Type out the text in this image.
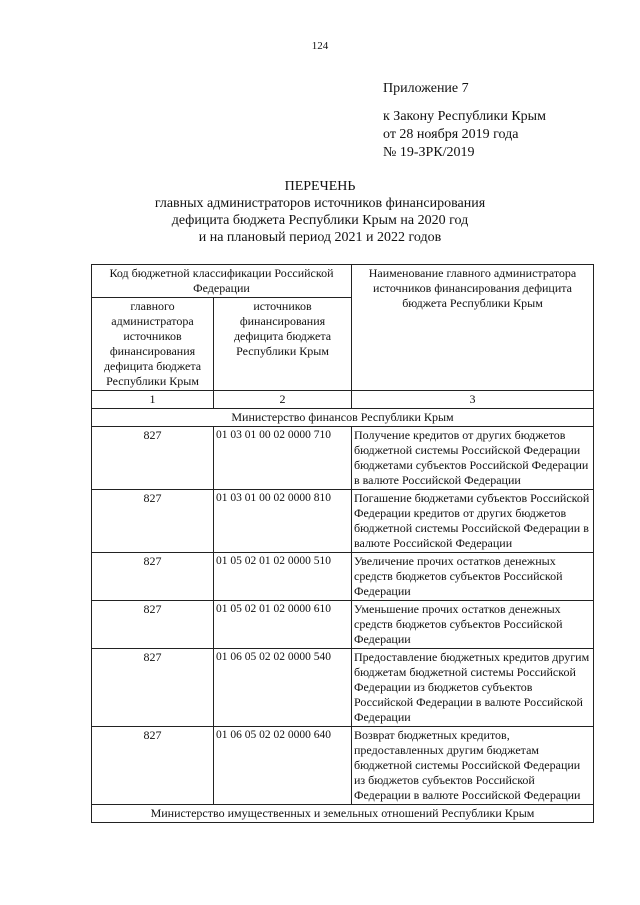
124
Приложение 7
к Закону Республики Крым
от 28 ноября 2019 года
№ 19-ЗРК/2019
ПЕРЕЧЕНЬ
главных администраторов источников финансирования
дефицита бюджета Республики Крым на 2020 год
и на плановый период 2021 и 2022 годов
Код бюджетной классификации Российской Федерации		Наименование главного администратора источников финансирования дефицита бюджета Республики Крым
главного администратора источников финансирования дефицита бюджета Республики Крым	источников финансирования дефицита бюджета Республики Крым	
1	2	3
Министерство финансов Республики Крым		
827	01 03 01 00 02 0000 710	Получение кредитов от других бюджетов бюджетной системы Российской Федерации бюджетами субъектов Российской Федерации в валюте Российской Федерации
827	01 03 01 00 02 0000 810	Погашение бюджетами субъектов Российской Федерации кредитов от других бюджетов бюджетной системы Российской Федерации в валюте Российской Федерации
827	01 05 02 01 02 0000 510	Увеличение прочих остатков денежных средств бюджетов субъектов Российской Федерации
827	01 05 02 01 02 0000 610	Уменьшение прочих остатков денежных средств бюджетов субъектов Российской Федерации
827	01 06 05 02 02 0000 540	Предоставление бюджетных кредитов другим бюджетам бюджетной системы Российской Федерации из бюджетов субъектов Российской Федерации в валюте Российской Федерации
827	01 06 05 02 02 0000 640	Возврат бюджетных кредитов, предоставленных другим бюджетам бюджетной системы Российской Федерации из бюджетов субъектов Российской Федерации в валюте Российской Федерации
Министерство имущественных и земельных отношений Республики Крым		
